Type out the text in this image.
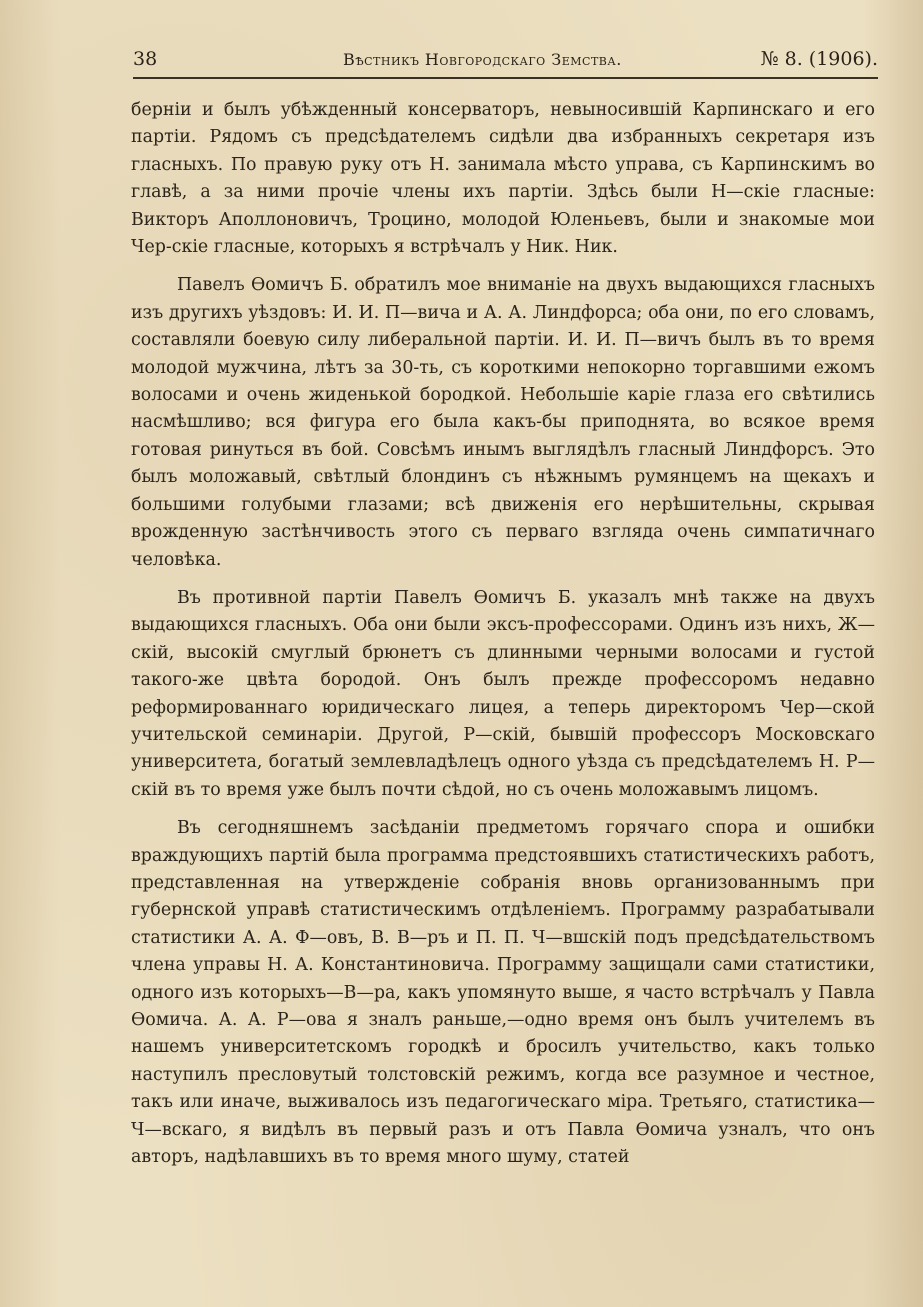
38	Вѣстникъ Новгородскаго Земства.	№ 8. (1906).

берніи и былъ убѣжденный консерваторъ, невыносившій Карпинскаго и его партіи. Рядомъ съ предсѣдателемъ сидѣли два избранныхъ секретаря изъ гласныхъ. По правую руку отъ Н. занимала мѣсто управа, съ Карпинскимъ во главѣ, а за ними прочіе члены ихъ партіи. Здѣсь были Н—скіе гласные: Викторъ Аполлоновичъ, Троцино, молодой Юленьевъ, были и знакомые мои Чер-скіе гласные, которыхъ я встрѣчалъ у Ник. Ник.

Павелъ Ѳомичъ Б. обратилъ мое вниманіе на двухъ выдающихся гласныхъ изъ другихъ уѣздовъ: И. И. П—вича и А. А. Линдфорса; оба они, по его словамъ, составляли боевую силу либеральной партіи. И. И. П—вичъ былъ въ то время молодой мужчина, лѣтъ за 30-ть, съ короткими непокорно торгавшими ежомъ волосами и очень жиденькой бородкой. Небольшіе каріе глаза его свѣтились насмѣшливо; вся фигура его была какъ-бы приподнята, во всякое время готовая ринуться въ бой. Совсѣмъ инымъ выглядѣлъ гласный Линдфорсъ. Это былъ моложавый, свѣтлый блондинъ съ нѣжнымъ румянцемъ на щекахъ и большими голубыми глазами; всѣ движенія его нерѣшительны, скрывая врожденную застѣнчивость этого съ перваго взгляда очень симпатичнаго человѣка.

Въ противной партіи Павелъ Ѳомичъ Б. указалъ мнѣ также на двухъ выдающихся гласныхъ. Оба они были эксъ-профессорами. Одинъ изъ нихъ, Ж—скій, высокій смуглый брюнетъ съ длинными черными волосами и густой такого-же цвѣта бородой. Онъ былъ прежде профессоромъ недавно реформированнаго юридическаго лицея, а теперь директоромъ Чер—ской учительской семинаріи. Другой, Р—скій, бывшій профессоръ Московскаго университета, богатый землевладѣлецъ одного уѣзда съ предсѣдателемъ Н. Р—скій въ то время уже былъ почти сѣдой, но съ очень моложавымъ лицомъ.

Въ сегодняшнемъ засѣданіи предметомъ горячаго спора и ошибки враждующихъ партій была программа предстоявшихъ статистическихъ работъ, представленная на утвержденіе собранія вновь организованнымъ при губернской управѣ статистическимъ отдѣленіемъ. Программу разрабатывали статистики А. А. Ф—овъ, В. В—ръ и П. П. Ч—вшскій подъ предсѣдательствомъ члена управы Н. А. Константиновича. Программу защищали сами статистики, одного изъ которыхъ—В—ра, какъ упомянуто выше, я часто встрѣчалъ у Павла Ѳомича. А. А. Р—ова я зналъ раньше,—одно время онъ былъ учителемъ въ нашемъ университетскомъ городкѣ и бросилъ учительство, какъ только наступилъ пресловутый толстовскій режимъ, когда все разумное и честное, такъ или иначе, выживалось изъ педагогическаго міра. Третьяго, статистика—Ч—вскаго, я видѣлъ въ первый разъ и отъ Павла Ѳомича узналъ, что онъ авторъ, надѣлавшихъ въ то время много шуму, статей
